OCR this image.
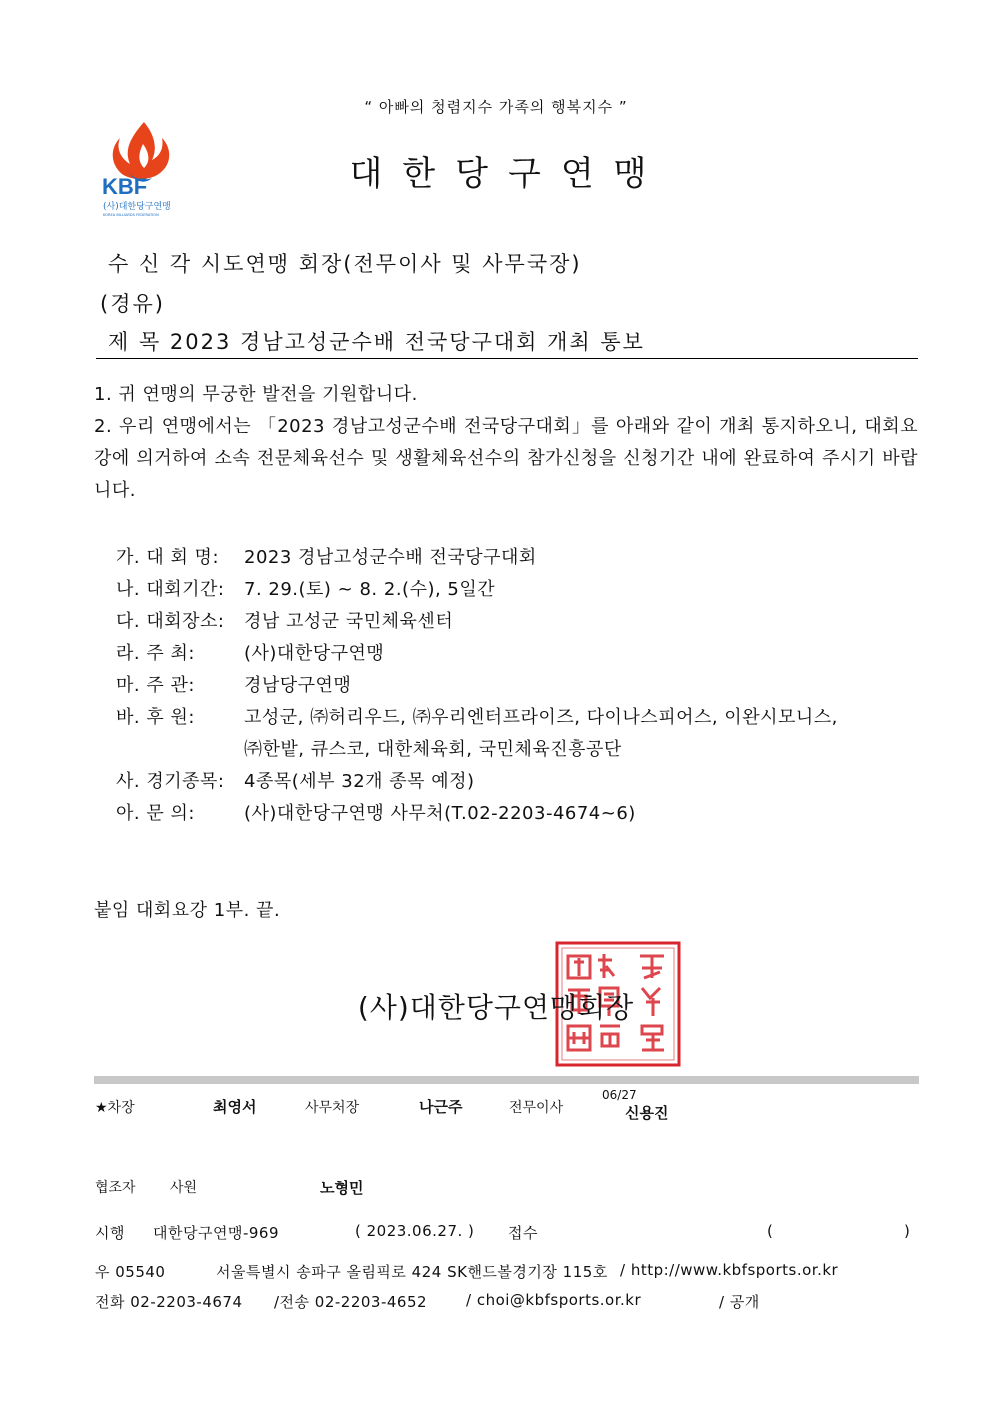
“ 아빠의 청렴지수 가족의 행복지수 ”
KBF
(사)대한당구연맹
KOREA BILLIARDS FEDERATION
대한당구연맹
수 신 각 시도연맹 회장(전무이사 및 사무국장)
(경유)
제 목 2023 경남고성군수배 전국당구대회 개최 통보

1. 귀 연맹의 무궁한 발전을 기원합니다.

2. 우리 연맹에서는 「2023 경남고성군수배 전국당구대회」를 아래와 같이 개최 통지하오니, 대회요강에 의거하여 소속 전문체육선수 및 생활체육선수의 참가신청을 신청기간 내에 완료하여 주시기 바랍니다.

가. 대 회 명: 2023 경남고성군수배 전국당구대회
나. 대회기간: 7. 29.(토) ~ 8. 2.(수), 5일간
다. 대회장소: 경남 고성군 국민체육센터
라. 주 최:	(사)대한당구연맹
마. 주 관:	경남당구연맹
바. 후 원:	고성군, ㈜허리우드, ㈜우리엔터프라이즈, 다이나스피어스, 이완시모니스,
㈜한밭, 큐스코, 대한체육회, 국민체육진흥공단
사. 경기종목: 4종목(세부 32개 종목 예정)
아. 문 의:	(사)대한당구연맹 사무처(T.02-2203-4674~6)
붙임 대회요강 1부. 끝.
(사)대한당구연맹회장
★차장	최영서	사무처장	나근주	전무이사
06/27
신용진
협조자 사원	노형민
시행 대한당구연맹-969	( 2023.06.27. ) 접수	(	)
우 05540	서울특별시 송파구 올림픽로 424 SK핸드볼경기장 115호 / http://www.kbfsports.or.kr
전화 02-2203-4674 /전송 02-2203-4652	/ choi@kbfsports.or.kr	/ 공개
